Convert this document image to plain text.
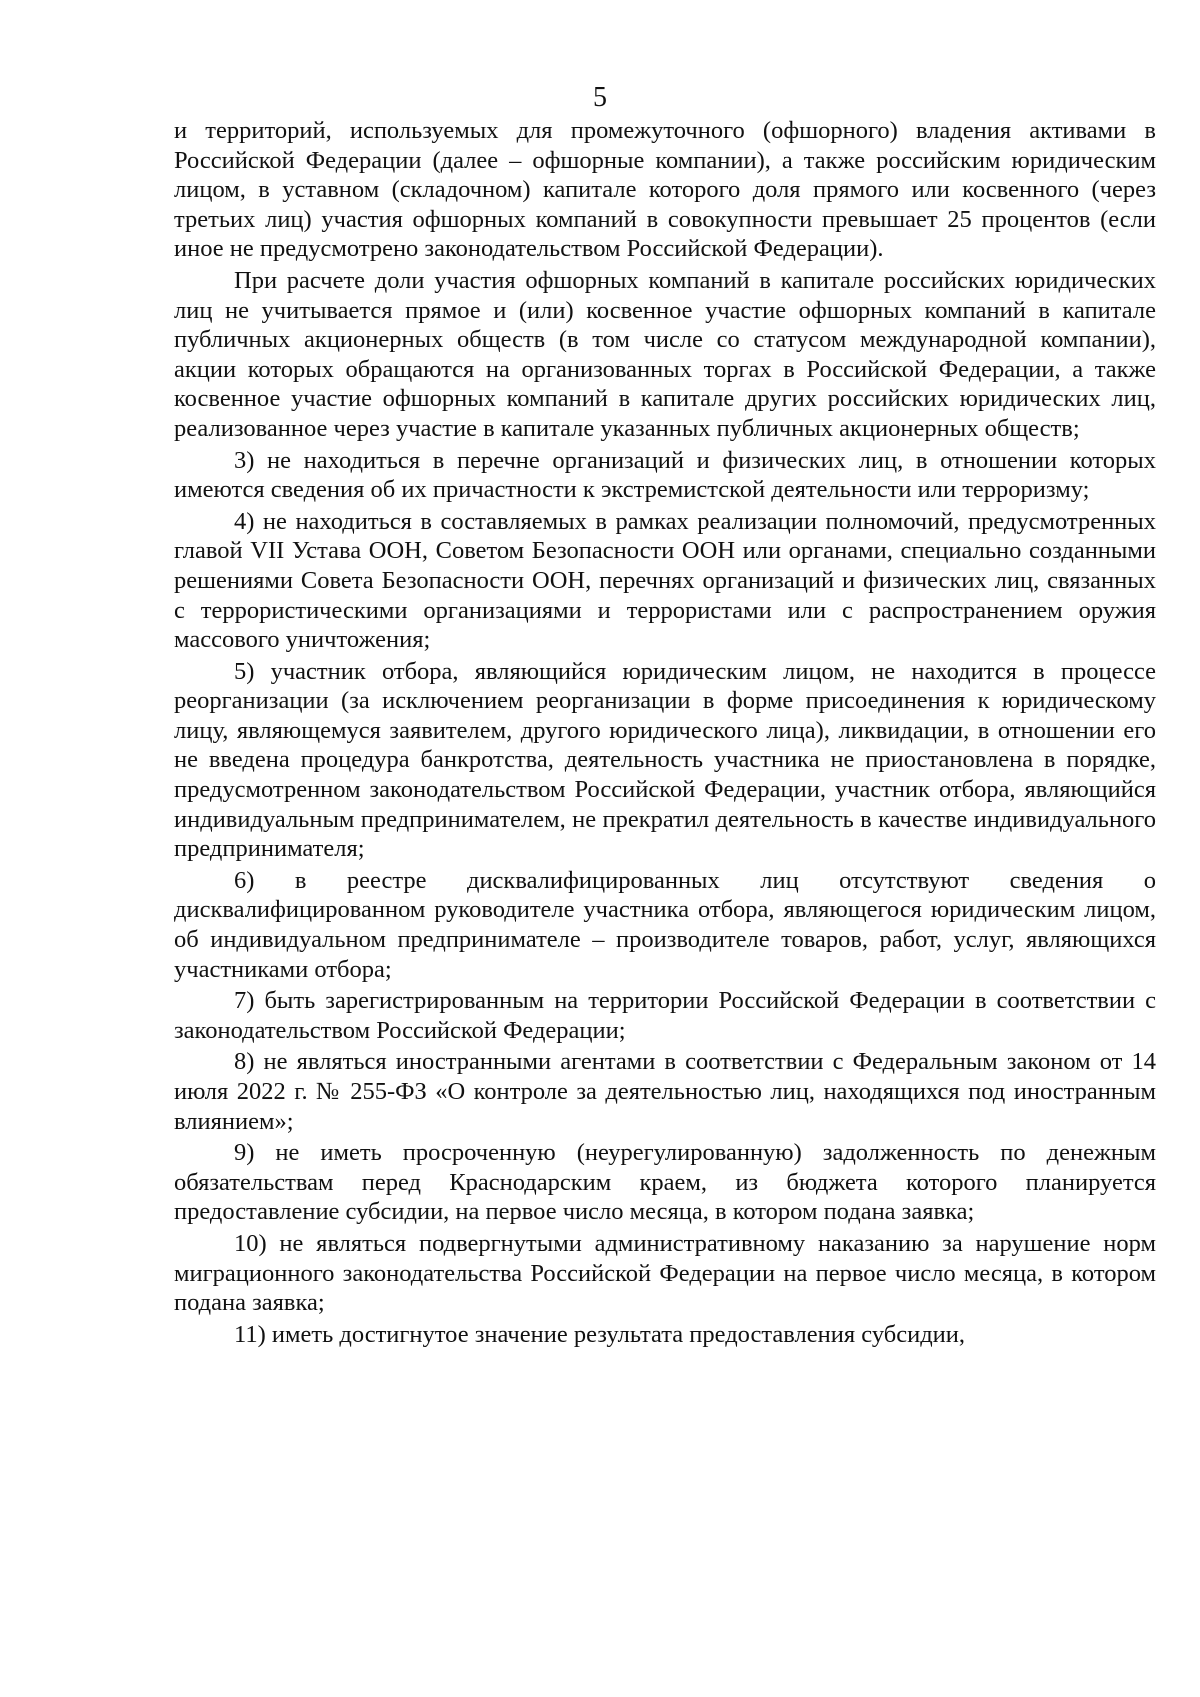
5

и территорий, используемых для промежуточного (офшорного) владения активами в Российской Федерации (далее – офшорные компании), а также российским юридическим лицом, в уставном (складочном) капитале которого доля прямого или косвенного (через третьих лиц) участия офшорных компаний в совокупности превышает 25 процентов (если иное не предусмотрено законодательством Российской Федерации).

При расчете доли участия офшорных компаний в капитале российских юридических лиц не учитывается прямое и (или) косвенное участие офшорных компаний в капитале публичных акционерных обществ (в том числе со статусом международной компании), акции которых обращаются на организованных торгах в Российской Федерации, а также косвенное участие офшорных компаний в капитале других российских юридических лиц, реализованное через участие в капитале указанных публичных акционерных обществ;

3) не находиться в перечне организаций и физических лиц, в отношении которых имеются сведения об их причастности к экстремистской деятельности или терроризму;

4) не находиться в составляемых в рамках реализации полномочий, предусмотренных главой VII Устава ООН, Советом Безопасности ООН или органами, специально созданными решениями Совета Безопасности ООН, перечнях организаций и физических лиц, связанных с террористическими организациями и террористами или с распространением оружия массового уничтожения;

5) участник отбора, являющийся юридическим лицом, не находится в процессе реорганизации (за исключением реорганизации в форме присоединения к юридическому лицу, являющемуся заявителем, другого юридического лица), ликвидации, в отношении его не введена процедура банкротства, деятельность участника не приостановлена в порядке, предусмотренном законодательством Российской Федерации, участник отбора, являющийся индивидуальным предпринимателем, не прекратил деятельность в качестве индивидуального предпринимателя;

6) в реестре дисквалифицированных лиц отсутствуют сведения о дисквалифицированном руководителе участника отбора, являющегося юридическим лицом, об индивидуальном предпринимателе – производителе товаров, работ, услуг, являющихся участниками отбора;

7) быть зарегистрированным на территории Российской Федерации в соответствии с законодательством Российской Федерации;

8) не являться иностранными агентами в соответствии с Федеральным законом от 14 июля 2022 г. № 255-ФЗ «О контроле за деятельностью лиц, находящихся под иностранным влиянием»;

9) не иметь просроченную (неурегулированную) задолженность по денежным обязательствам перед Краснодарским краем, из бюджета которого планируется предоставление субсидии, на первое число месяца, в котором подана заявка;

10) не являться подвергнутыми административному наказанию за нарушение норм миграционного законодательства Российской Федерации на первое число месяца, в котором подана заявка;

11) иметь достигнутое значение результата предоставления субсидии,
